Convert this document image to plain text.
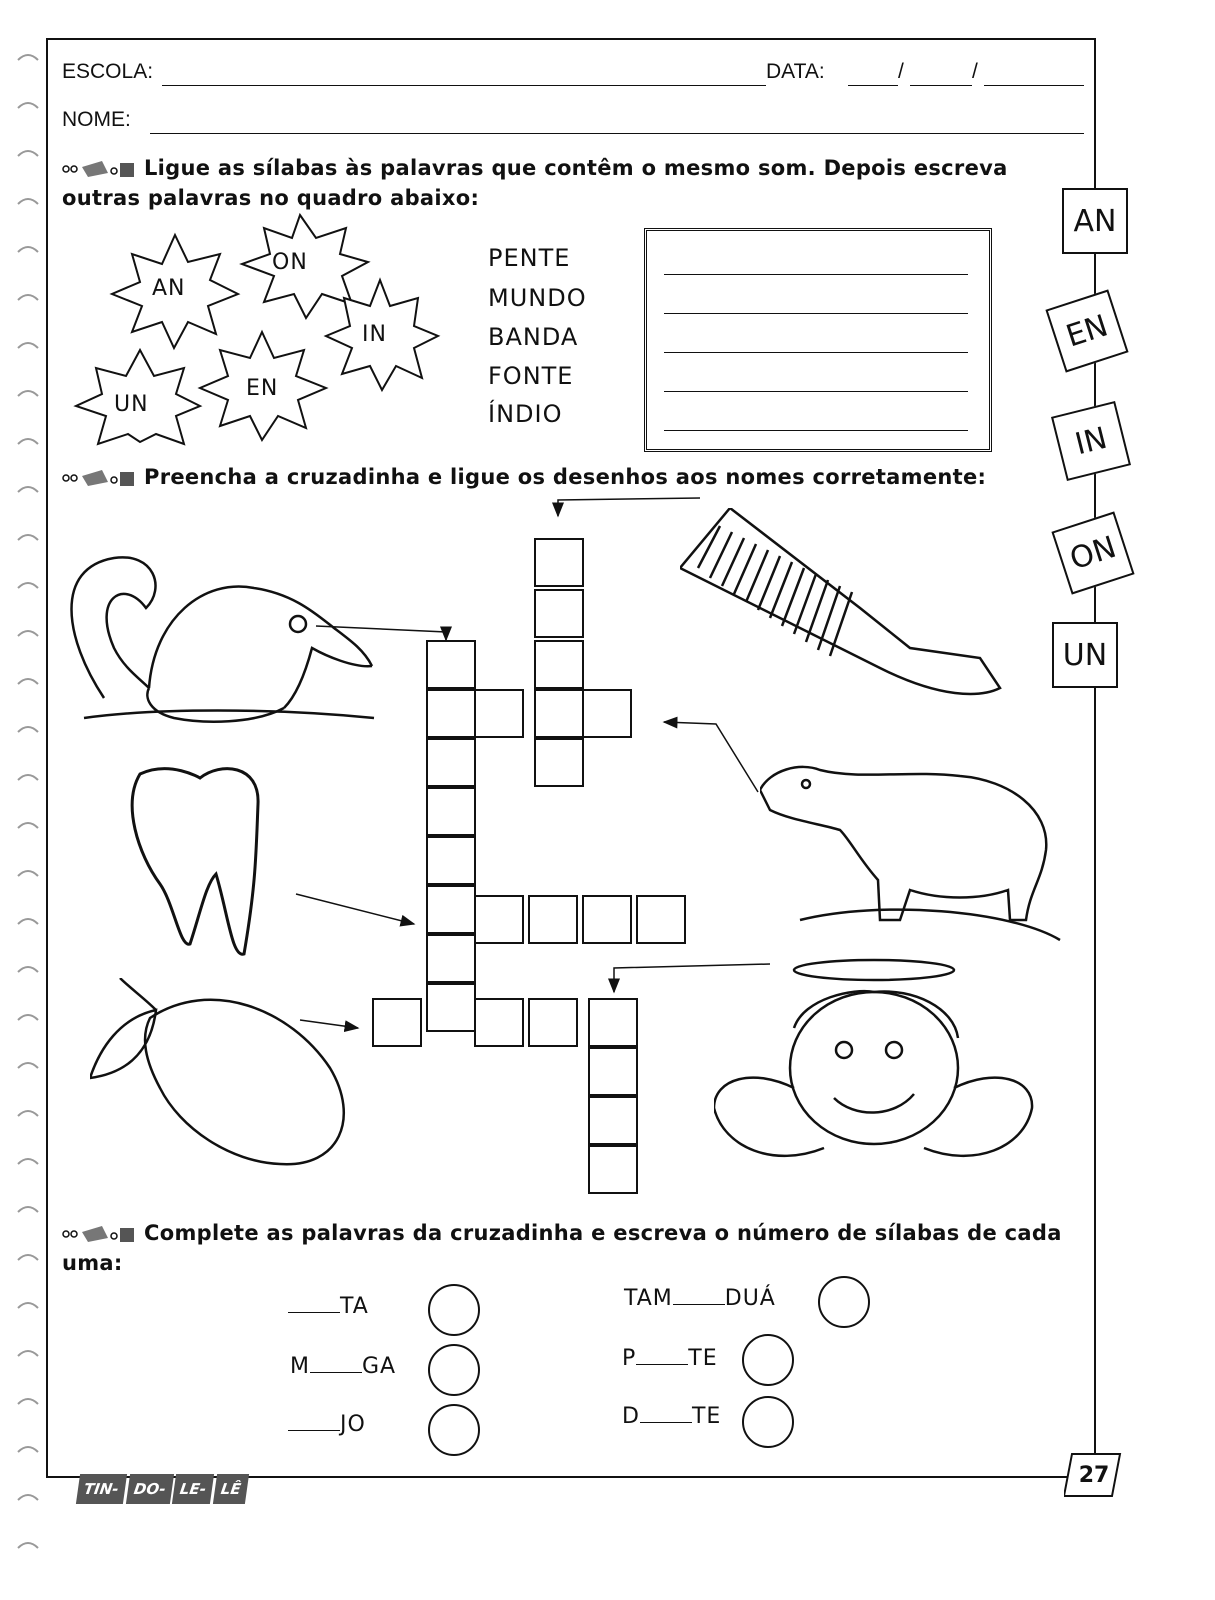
ESCOLA:	DATA:	/	/
NOME:
Ligue as sílabas às palavras que contêm o mesmo som. Depois escreva outras palavras no quadro abaixo:
AN
ON
IN
UN
EN
PENTE
MUNDO
BANDA
FONTE
ÍNDIO
AN
EN
IN
ON
UN
Preencha a cruzadinha e ligue os desenhos aos nomes corretamente:
Complete as palavras da cruzadinha e escreva o número de sílabas de cada uma:
TA
M GA
JO
TAM DUÁ
P TE
D TE
TIN- DO- LE- LÊ
27
